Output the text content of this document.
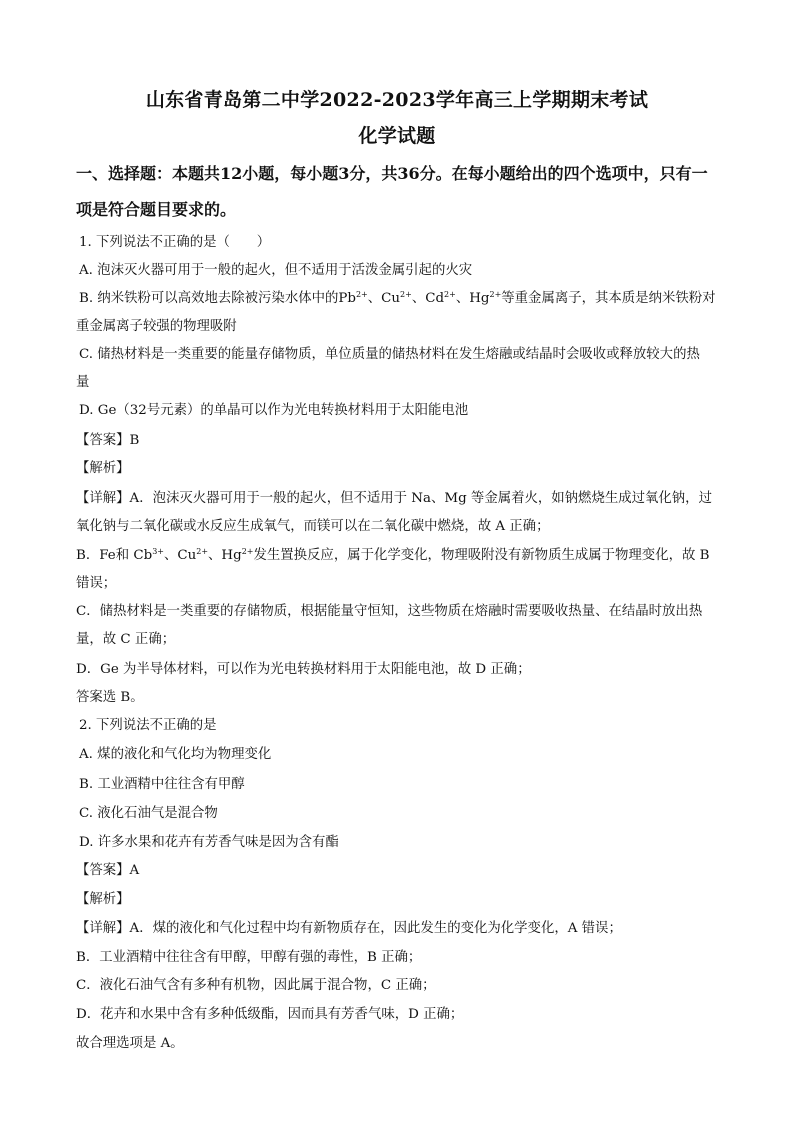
山东省青岛第二中学2022-2023学年高三上学期期末考试
化学试题
一、选择题：本题共12小题，每小题3分，共36分。在每小题给出的四个选项中，只有一
项是符合题目要求的。
1. 下列说法不正确的是（　　）
A. 泡沫灭火器可用于一般的起火，但不适用于活泼金属引起的火灾
B. 纳米铁粉可以高效地去除被污染水体中的$Pb^{2+}$、$Cu^{2+}$、$Cd^{2+}$、$Hg^{2+}$等重金属离子，其本质是纳米铁粉对
重金属离子较强的物理吸附
C. 储热材料是一类重要的能量存储物质，单位质量的储热材料在发生熔融或结晶时会吸收或释放较大的热
量
D. Ge（32号元素）的单晶可以作为光电转换材料用于太阳能电池
【答案】B
【解析】
【详解】A．泡沫灭火器可用于一般的起火，但不适用于 Na、Mg 等金属着火，如钠燃烧生成过氧化钠，过
氧化钠与二氧化碳或水反应生成氧气，而镁可以在二氧化碳中燃烧，故 A 正确；
B．Fe和 $Cb^{3+}$、$Cu^{2+}$、$Hg^{2+}$发生置换反应，属于化学变化，物理吸附没有新物质生成属于物理变化，故 B
错误；
C．储热材料是一类重要的存储物质，根据能量守恒知，这些物质在熔融时需要吸收热量、在结晶时放出热
量，故 C 正确；
D．Ge 为半导体材料，可以作为光电转换材料用于太阳能电池，故 D 正确；
答案选 B。
2. 下列说法不正确的是
A. 煤的液化和气化均为物理变化
B. 工业酒精中往往含有甲醇
C. 液化石油气是混合物
D. 许多水果和花卉有芳香气味是因为含有酯
【答案】A
【解析】
【详解】A．煤的液化和气化过程中均有新物质存在，因此发生的变化为化学变化，A 错误；
B．工业酒精中往往含有甲醇，甲醇有强的毒性，B 正确；
C．液化石油气含有多种有机物，因此属于混合物，C 正确；
D．花卉和水果中含有多种低级酯，因而具有芳香气味，D 正确；
故合理选项是 A。
